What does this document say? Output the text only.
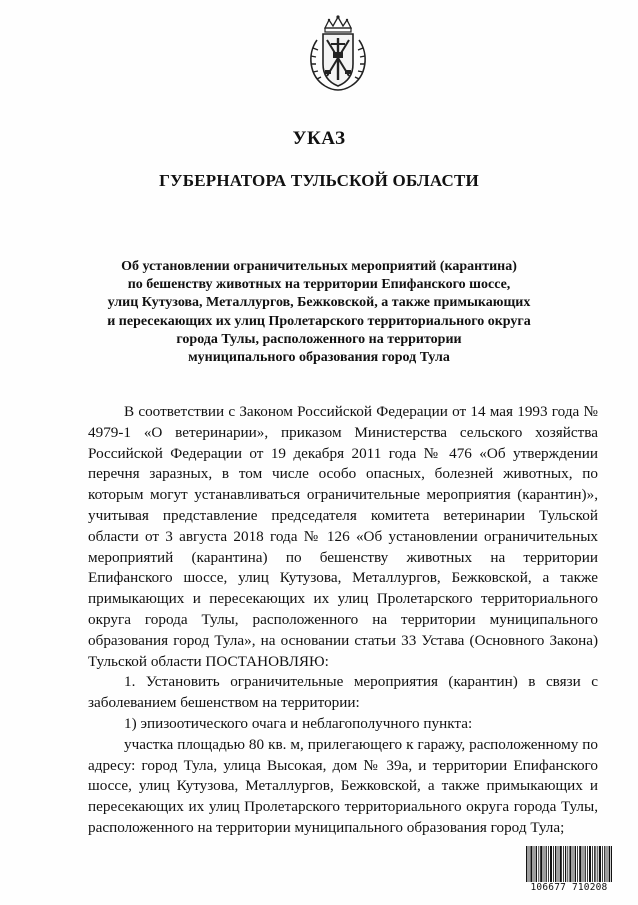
УКАЗ
ГУБЕРНАТОРА ТУЛЬСКОЙ ОБЛАСТИ
Об установлении ограничительных мероприятий (карантина)
по бешенству животных на территории Епифанского шоссе,
улиц Кутузова, Металлургов, Бежковской, а также примыкающих
и пересекающих их улиц Пролетарского территориального округа
города Тулы, расположенного на территории
муниципального образования город Тула

В соответствии с Законом Российской Федерации от 14 мая 1993 года № 4979-1 «О ветеринарии», приказом Министерства сельского хозяйства Российской Федерации от 19 декабря 2011 года № 476 «Об утверждении перечня заразных, в том числе особо опасных, болезней животных, по которым могут устанавливаться ограничительные мероприятия (карантин)», учитывая представление председателя комитета ветеринарии Тульской области от 3 августа 2018 года № 126 «Об установлении ограничительных мероприятий (карантина) по бешенству животных на территории Епифанского шоссе, улиц Кутузова, Металлургов, Бежковской, а также примыкающих и пересекающих их улиц Пролетарского территориального округа города Тулы, расположенного на территории муниципального образования город Тула», на основании статьи 33 Устава (Основного Закона) Тульской области ПОСТАНОВЛЯЮ:

1. Установить ограничительные мероприятия (карантин) в связи с заболеванием бешенством на территории:

1) эпизоотического очага и неблагополучного пункта:

участка площадью 80 кв. м, прилегающего к гаражу, расположенному по адресу: город Тула, улица Высокая, дом № 39а, и территории Епифанского шоссе, улиц Кутузова, Металлургов, Бежковской, а также примыкающих и пересекающих их улиц Пролетарского территориального округа города Тулы, расположенного на территории муниципального образования город Тула;

106677 710208
